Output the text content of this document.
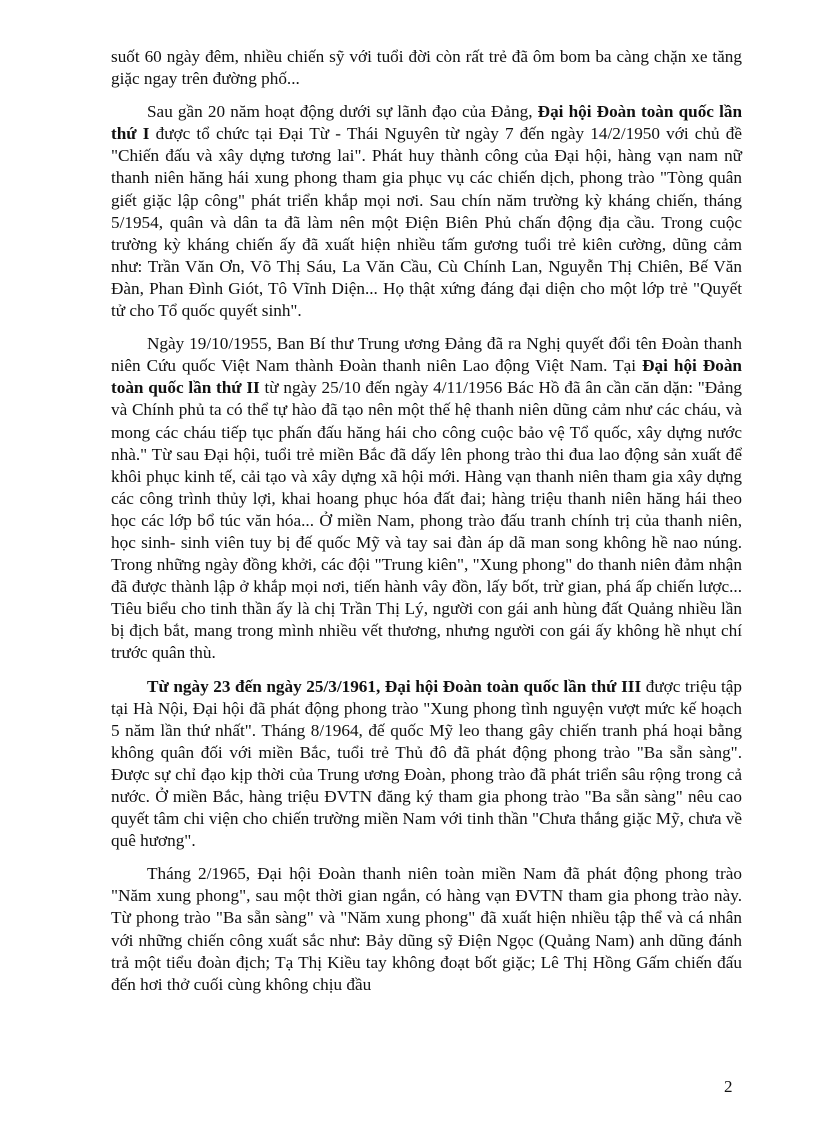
suốt 60 ngày đêm, nhiều chiến sỹ với tuổi đời còn rất trẻ đã ôm bom ba càng chặn xe tăng giặc ngay trên đường phố...

Sau gần 20 năm hoạt động dưới sự lãnh đạo của Đảng, Đại hội Đoàn toàn quốc lần thứ I được tổ chức tại Đại Từ - Thái Nguyên từ ngày 7 đến ngày 14/2/1950 với chủ đề "Chiến đấu và xây dựng tương lai". Phát huy thành công của Đại hội, hàng vạn nam nữ thanh niên hăng hái xung phong tham gia phục vụ các chiến dịch, phong trào "Tòng quân giết giặc lập công" phát triển khắp mọi nơi. Sau chín năm trường kỳ kháng chiến, tháng 5/1954, quân và dân ta đã làm nên một Điện Biên Phủ chấn động địa cầu. Trong cuộc trường kỳ kháng chiến ấy đã xuất hiện nhiều tấm gương tuổi trẻ kiên cường, dũng cảm như: Trần Văn Ơn, Võ Thị Sáu, La Văn Cầu, Cù Chính Lan, Nguyễn Thị Chiên, Bế Văn Đàn, Phan Đình Giót, Tô Vĩnh Diện... Họ thật xứng đáng đại diện cho một lớp trẻ "Quyết tử cho Tổ quốc quyết sinh".

Ngày 19/10/1955, Ban Bí thư Trung ương Đảng đã ra Nghị quyết đổi tên Đoàn thanh niên Cứu quốc Việt Nam thành Đoàn thanh niên Lao động Việt Nam. Tại Đại hội Đoàn toàn quốc lần thứ II từ ngày 25/10 đến ngày 4/11/1956 Bác Hồ đã ân cần căn dặn: "Đảng và Chính phủ ta có thể tự hào đã tạo nên một thế hệ thanh niên dũng cảm như các cháu, và mong các cháu tiếp tục phấn đấu hăng hái cho công cuộc bảo vệ Tổ quốc, xây dựng nước nhà." Từ sau Đại hội, tuổi trẻ miền Bắc đã dấy lên phong trào thi đua lao động sản xuất để khôi phục kinh tế, cải tạo và xây dựng xã hội mới. Hàng vạn thanh niên tham gia xây dựng các công trình thủy lợi, khai hoang phục hóa đất đai; hàng triệu thanh niên hăng hái theo học các lớp bổ túc văn hóa... Ở miền Nam, phong trào đấu tranh chính trị của thanh niên, học sinh- sinh viên tuy bị đế quốc Mỹ và tay sai đàn áp dã man song không hề nao núng. Trong những ngày đồng khởi, các đội "Trung kiên", "Xung phong" do thanh niên đảm nhận đã được thành lập ở khắp mọi nơi, tiến hành vây đồn, lấy bốt, trừ gian, phá ấp chiến lược... Tiêu biểu cho tinh thần ấy là chị Trần Thị Lý, người con gái anh hùng đất Quảng nhiều lần bị địch bắt, mang trong mình nhiều vết thương, nhưng người con gái ấy không hề nhụt chí trước quân thù.

Từ ngày 23 đến ngày 25/3/1961, Đại hội Đoàn toàn quốc lần thứ III được triệu tập tại Hà Nội, Đại hội đã phát động phong trào "Xung phong tình nguyện vượt mức kế hoạch 5 năm lần thứ nhất". Tháng 8/1964, đế quốc Mỹ leo thang gây chiến tranh phá hoại bằng không quân đối với miền Bắc, tuổi trẻ Thủ đô đã phát động phong trào "Ba sẵn sàng". Được sự chỉ đạo kịp thời của Trung ương Đoàn, phong trào đã phát triển sâu rộng trong cả nước. Ở miền Bắc, hàng triệu ĐVTN đăng ký tham gia phong trào "Ba sẵn sàng" nêu cao quyết tâm chi viện cho chiến trường miền Nam với tinh thần "Chưa thắng giặc Mỹ, chưa về quê hương".

Tháng 2/1965, Đại hội Đoàn thanh niên toàn miền Nam đã phát động phong trào "Năm xung phong", sau một thời gian ngắn, có hàng vạn ĐVTN tham gia phong trào này. Từ phong trào "Ba sẵn sàng" và "Năm xung phong" đã xuất hiện nhiều tập thể và cá nhân với những chiến công xuất sắc như: Bảy dũng sỹ Điện Ngọc (Quảng Nam) anh dũng đánh trả một tiểu đoàn địch; Tạ Thị Kiều tay không đoạt bốt giặc; Lê Thị Hồng Gấm chiến đấu đến hơi thở cuối cùng không chịu đầu

2
